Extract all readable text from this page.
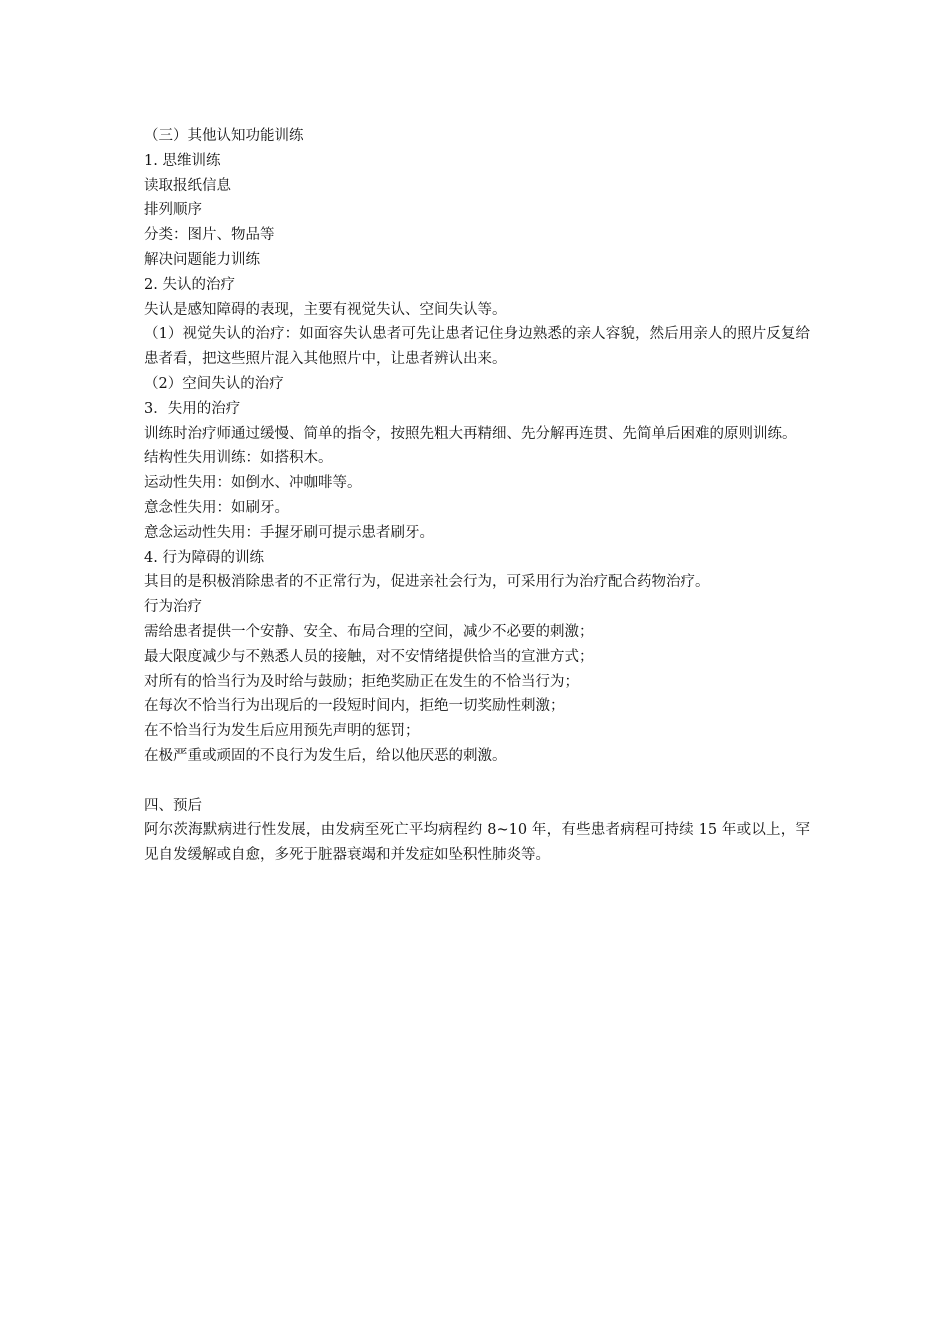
（三）其他认知功能训练
1. 思维训练
读取报纸信息
排列顺序
分类：图片、物品等
解决问题能力训练
2. 失认的治疗
失认是感知障碍的表现，主要有视觉失认、空间失认等。
（1）视觉失认的治疗：如面容失认患者可先让患者记住身边熟悉的亲人容貌，然后用亲人的照片反复给患者看，把这些照片混入其他照片中，让患者辨认出来。
（2）空间失认的治疗
3．失用的治疗
训练时治疗师通过缓慢、简单的指令，按照先粗大再精细、先分解再连贯、先简单后困难的原则训练。
结构性失用训练：如搭积木。
运动性失用：如倒水、冲咖啡等。
意念性失用：如刷牙。
意念运动性失用：手握牙刷可提示患者刷牙。
4. 行为障碍的训练
其目的是积极消除患者的不正常行为，促进亲社会行为，可采用行为治疗配合药物治疗。
行为治疗
需给患者提供一个安静、安全、布局合理的空间，减少不必要的刺激；
最大限度减少与不熟悉人员的接触，对不安情绪提供恰当的宣泄方式；
对所有的恰当行为及时给与鼓励；拒绝奖励正在发生的不恰当行为；
在每次不恰当行为出现后的一段短时间内，拒绝一切奖励性刺激；
在不恰当行为发生后应用预先声明的惩罚；
在极严重或顽固的不良行为发生后，给以他厌恶的刺激。
四、预后
阿尔茨海默病进行性发展，由发病至死亡平均病程约 8~10 年，有些患者病程可持续 15 年或以上，罕见自发缓解或自愈，多死于脏器衰竭和并发症如坠积性肺炎等。
